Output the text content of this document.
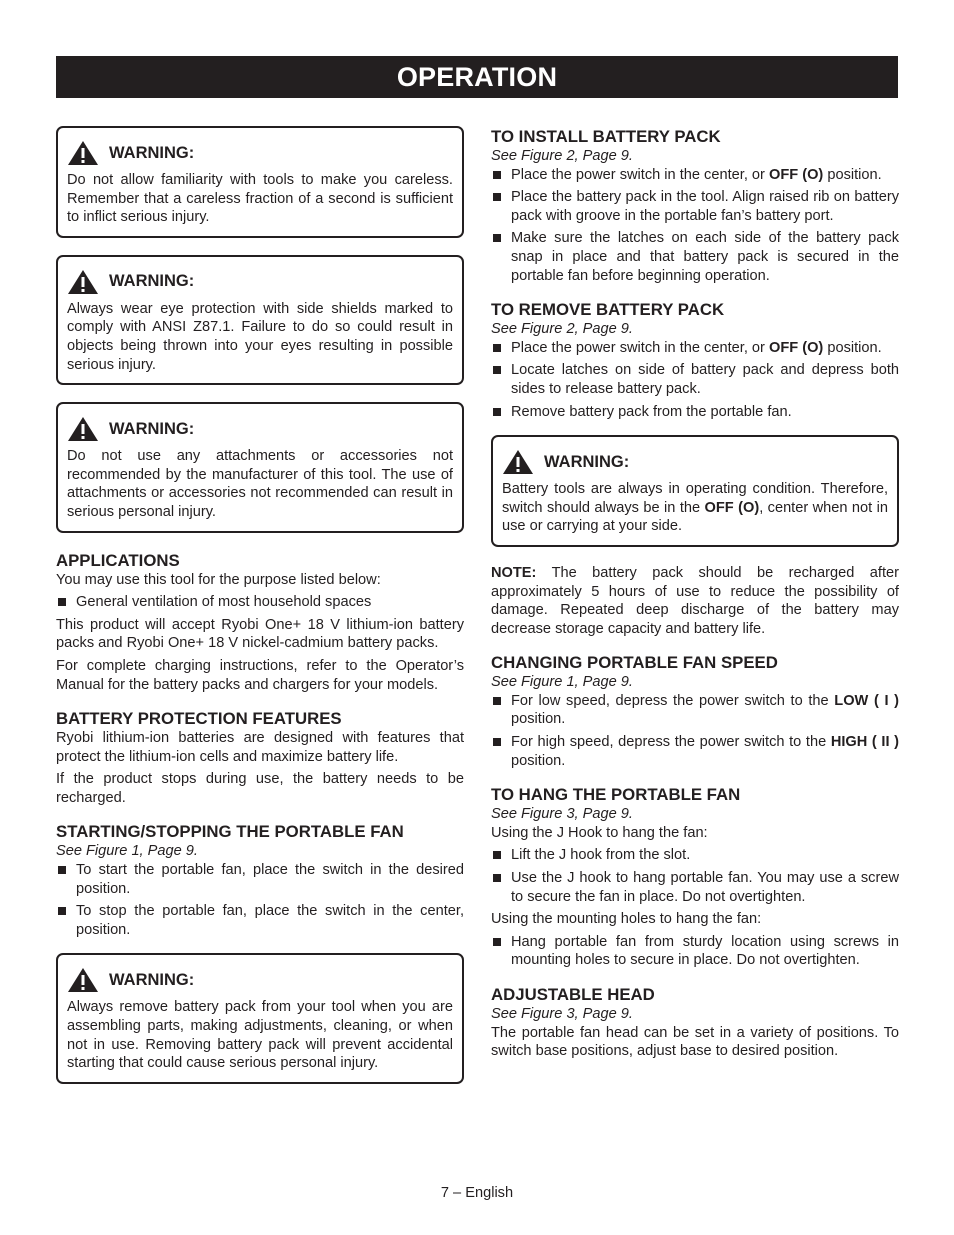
OPERATION
WARNING:
Do not allow familiarity with tools to make you careless. Remember that a careless fraction of a second is sufficient to inflict serious injury.
WARNING:
Always wear eye protection with side shields marked to comply with ANSI Z87.1. Failure to do so could result in objects being thrown into your eyes resulting in possible serious injury.
WARNING:
Do not use any attachments or accessories not recommended by the manufacturer of this tool. The use of attachments or accessories not recommended can result in serious personal injury.
APPLICATIONS

You may use this tool for the purpose listed below:

General ventilation of most household spaces

This product will accept Ryobi One+ 18 V lithium-ion battery packs and Ryobi One+ 18 V nickel-cadmium battery packs.

For complete charging instructions, refer to the Operator’s Manual for the battery packs and chargers for your models.

BATTERY PROTECTION FEATURES

Ryobi lithium-ion batteries are designed with features that protect the lithium-ion cells and maximize battery life.

If the product stops during use, the battery needs to be recharged.

STARTING/STOPPING THE PORTABLE FAN

See Figure 1, Page 9.

To start the portable fan, place the switch in the desired position.
To stop the portable fan, place the switch in the center, position.
WARNING:
Always remove battery pack from your tool when you are assembling parts, making adjustments, cleaning, or when not in use. Removing battery pack will prevent accidental starting that could cause serious personal injury.
TO INSTALL BATTERY PACK

See Figure 2, Page 9.

Place the power switch in the center, or OFF (O) position.
Place the battery pack in the tool. Align raised rib on battery pack with groove in the portable fan’s battery port.
Make sure the latches on each side of the battery pack snap in place and that battery pack is secured in the portable fan before beginning operation.
TO REMOVE BATTERY PACK

See Figure 2, Page 9.

Place the power switch in the center, or OFF (O) position.
Locate latches on side of battery pack and depress both sides to release battery pack.
Remove battery pack from the portable fan.
WARNING:
Battery tools are always in operating condition. Therefore, switch should always be in the OFF (O), center when not in use or carrying at your side.

NOTE: The battery pack should be recharged after approximately 5 hours of use to reduce the possibility of damage. Repeated deep discharge of the battery may decrease storage capacity and battery life.

CHANGING PORTABLE FAN SPEED

See Figure 1, Page 9.

For low speed, depress the power switch to the LOW ( I ) position.
For high speed, depress the power switch to the HIGH ( II ) position.
TO HANG THE PORTABLE FAN

See Figure 3, Page 9.

Using the J Hook to hang the fan:

Lift the J hook from the slot.
Use the J hook to hang portable fan. You may use a screw to secure the fan in place. Do not overtighten.

Using the mounting holes to hang the fan:

Hang portable fan from sturdy location using screws in mounting holes to secure in place. Do not overtighten.
ADJUSTABLE HEAD

See Figure 3, Page 9.

The portable fan head can be set in a variety of positions. To switch base positions, adjust base to desired position.

7 – English
